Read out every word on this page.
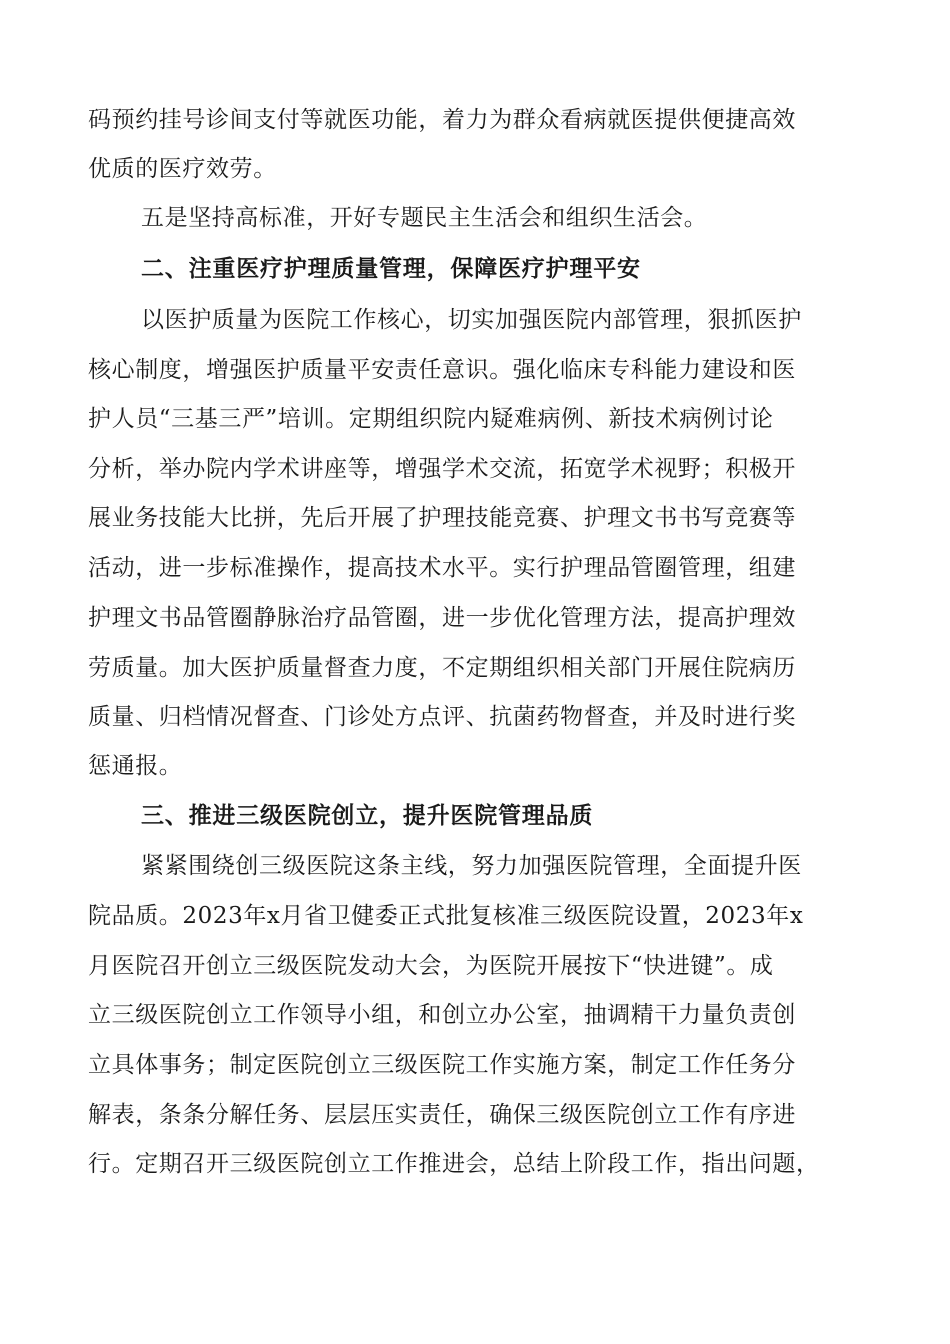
码预约挂号诊间支付等就医功能，着力为群众看病就医提供便捷高效
优质的医疗效劳。
五是坚持高标准，开好专题民主生活会和组织生活会。
二、注重医疗护理质量管理，保障医疗护理平安
以医护质量为医院工作核心，切实加强医院内部管理，狠抓医护
核心制度，增强医护质量平安责任意识。强化临床专科能力建设和医
护人员“三基三严”培训。定期组织院内疑难病例、新技术病例讨论
分析，举办院内学术讲座等，增强学术交流，拓宽学术视野；积极开
展业务技能大比拼，先后开展了护理技能竞赛、护理文书书写竞赛等
活动，进一步标准操作，提高技术水平。实行护理品管圈管理，组建
护理文书品管圈静脉治疗品管圈，进一步优化管理方法，提高护理效
劳质量。加大医护质量督查力度，不定期组织相关部门开展住院病历
质量、归档情况督查、门诊处方点评、抗菌药物督查，并及时进行奖
惩通报。
三、推进三级医院创立，提升医院管理品质
紧紧围绕创三级医院这条主线，努力加强医院管理，全面提升医
院品质。2023年x月省卫健委正式批复核准三级医院设置，2023年x
月医院召开创立三级医院发动大会，为医院开展按下“快进键”。成
立三级医院创立工作领导小组，和创立办公室，抽调精干力量负责创
立具体事务；制定医院创立三级医院工作实施方案，制定工作任务分
解表，条条分解任务、层层压实责任，确保三级医院创立工作有序进
行。定期召开三级医院创立工作推进会，总结上阶段工作，指出问题，
